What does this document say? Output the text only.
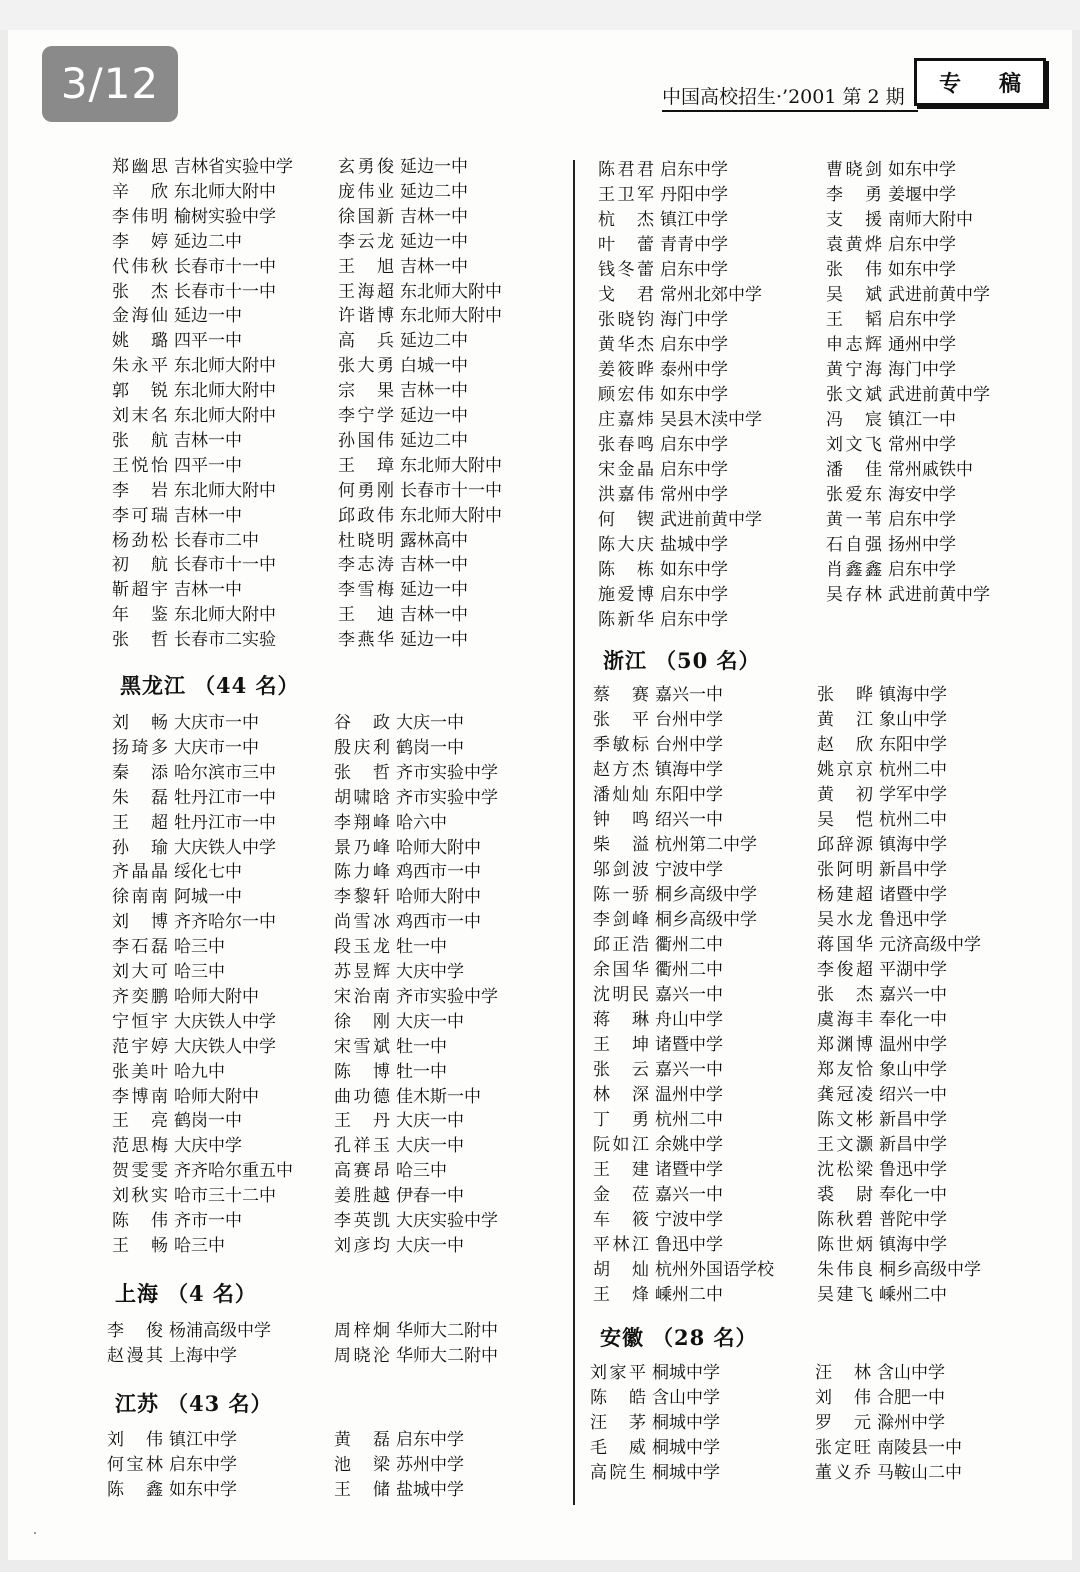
3/12	中国高校招生·’2001 第 2 期
专 稿
黑龙江 （44 名）
上海 （4 名）
江苏 （43 名）
浙江 （50 名）
安徽 （28 名）
郑幽思 吉林省实验中学
辛 欣 东北师大附中
李伟明 榆树实验中学
李 婷 延边二中
代伟秋 长春市十一中
张 杰 长春市十一中
金海仙 延边一中
姚 璐 四平一中
朱永平 东北师大附中
郭 锐 东北师大附中
刘末名 东北师大附中
张 航 吉林一中
王悦怡 四平一中
李 岩 东北师大附中
李可瑞 吉林一中
杨劲松 长春市二中
初 航 长春市十一中
靳超宇 吉林一中
年 鉴 东北师大附中
张 哲 长春市二实验
玄勇俊 延边一中
庞伟业 延边二中
徐国新 吉林一中
李云龙 延边一中
王 旭 吉林一中
王海超 东北师大附中
许谐博 东北师大附中
高 兵 延边二中
张大勇 白城一中
宗 果 吉林一中
李宁学 延边一中
孙国伟 延边二中
王 璋 东北师大附中
何勇刚 长春市十一中
邱政伟 东北师大附中
杜晓明 露林高中
李志涛 吉林一中
李雪梅 延边一中
王 迪 吉林一中
李燕华 延边一中
刘 畅 大庆市一中
扬琦多 大庆市一中
秦 添 哈尔滨市三中
朱 磊 牡丹江市一中
王 超 牡丹江市一中
孙 瑜 大庆铁人中学
齐晶晶 绥化七中
徐南南 阿城一中
刘 博 齐齐哈尔一中
李石磊 哈三中
刘大可 哈三中
齐奕鹏 哈师大附中
宁恒宇 大庆铁人中学
范宇婷 大庆铁人中学
张美叶 哈九中
李博南 哈师大附中
王 亮 鹤岗一中
范思梅 大庆中学
贺雯雯 齐齐哈尔重五中
刘秋实 哈市三十二中
陈 伟 齐市一中
王 畅 哈三中
谷 政 大庆一中
殷庆利 鹤岗一中
张 哲 齐市实验中学
胡啸晗 齐市实验中学
李翔峰 哈六中
景乃峰 哈师大附中
陈力峰 鸡西市一中
李黎轩 哈师大附中
尚雪冰 鸡西市一中
段玉龙 牡一中
苏昱辉 大庆中学
宋治南 齐市实验中学
徐 刚 大庆一中
宋雪斌 牡一中
陈 博 牡一中
曲功德 佳木斯一中
王 丹 大庆一中
孔祥玉 大庆一中
高赛昂 哈三中
姜胜越 伊春一中
李英凯 大庆实验中学
刘彦均 大庆一中
李 俊 杨浦高级中学
赵漫其 上海中学
周梓炯 华师大二附中
周晓沦 华师大二附中
刘 伟 镇江中学
何宝林 启东中学
陈 鑫 如东中学
黄 磊 启东中学
池 梁 苏州中学
王 储 盐城中学
陈君君 启东中学
王卫军 丹阳中学
杭 杰 镇江中学
叶 蕾 青青中学
钱冬蕾 启东中学
戈 君 常州北郊中学
张晓钧 海门中学
黄华杰 启东中学
姜筱晔 泰州中学
顾宏伟 如东中学
庄嘉炜 吴县木渎中学
张春鸣 启东中学
宋金晶 启东中学
洪嘉伟 常州中学
何 锲 武进前黄中学
陈大庆 盐城中学
陈 栋 如东中学
施爱博 启东中学
陈新华 启东中学
曹晓剑 如东中学
李 勇 姜堰中学
支 援 南师大附中
袁黄烨 启东中学
张 伟 如东中学
吴 斌 武进前黄中学
王 韬 启东中学
申志辉 通州中学
黄宁海 海门中学
张文斌 武进前黄中学
冯 宸 镇江一中
刘文飞 常州中学
潘 佳 常州戚铁中
张爱东 海安中学
黄一苇 启东中学
石自强 扬州中学
肖鑫鑫 启东中学
吴存林 武进前黄中学
蔡 赛 嘉兴一中
张 平 台州中学
季敏标 台州中学
赵方杰 镇海中学
潘灿灿 东阳中学
钟 鸣 绍兴一中
柴 溢 杭州第二中学
邬剑波 宁波中学
陈一骄 桐乡高级中学
李剑峰 桐乡高级中学
邱正浩 衢州二中
余国华 衢州二中
沈明民 嘉兴一中
蒋 琳 舟山中学
王 坤 诸暨中学
张 云 嘉兴一中
林 深 温州中学
丁 勇 杭州二中
阮如江 余姚中学
王 建 诸暨中学
金 莅 嘉兴一中
车 筱 宁波中学
平林江 鲁迅中学
胡 灿 杭州外国语学校
王 烽 嵊州二中
张 晔 镇海中学
黄 江 象山中学
赵 欣 东阳中学
姚京京 杭州二中
黄 初 学军中学
吴 恺 杭州二中
邱辞源 镇海中学
张阿明 新昌中学
杨建超 诸暨中学
吴水龙 鲁迅中学
蒋国华 元济高级中学
李俊超 平湖中学
张 杰 嘉兴一中
虞海丰 奉化一中
郑渊博 温州中学
郑友恰 象山中学
龚冠凌 绍兴一中
陈文彬 新昌中学
王文灏 新昌中学
沈松梁 鲁迅中学
裘 尉 奉化一中
陈秋碧 普陀中学
陈世炳 镇海中学
朱伟良 桐乡高级中学
吴建飞 嵊州二中
刘家平 桐城中学
陈 皓 含山中学
汪 茅 桐城中学
毛 威 桐城中学
高院生 桐城中学
汪 林 含山中学
刘 伟 合肥一中
罗 元 滁州中学
张定旺 南陵县一中
董义乔 马鞍山二中
